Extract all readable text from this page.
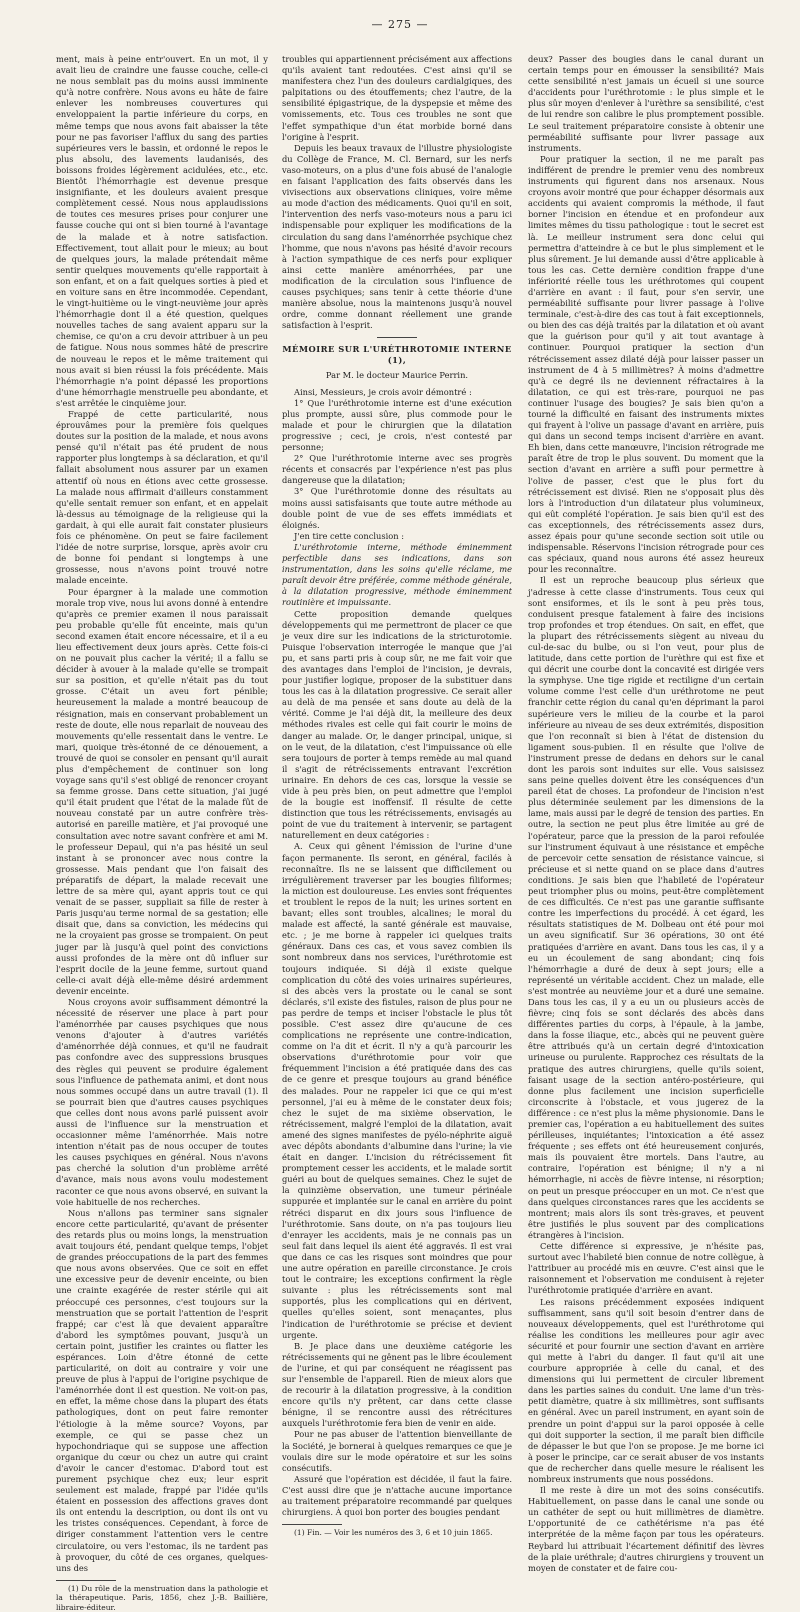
— 275 —

ment, mais à peine entr'ouvert. En un mot, il y avait lieu de craindre une fausse couche, celle-ci ne nous semblait pas du moins aussi imminente qu'à notre confrère. Nous avons eu hâte de faire enlever les nombreuses couvertures qui enveloppaient la partie inférieure du corps, en même temps que nous avons fait abaisser la tête pour ne pas favoriser l'afflux du sang des parties supérieures vers le bassin, et ordonné le repos le plus absolu, des lavements laudanisés, des boissons froides légèrement acidulées, etc., etc. Bientôt l'hémorrhagie est devenue presque insignifiante, et les douleurs avaient presque complètement cessé. Nous nous applaudissions de toutes ces mesures prises pour conjurer une fausse couche qui ont si bien tourné à l'avantage de la malade et à notre satisfaction. Effectivement, tout allait pour le mieux; au bout de quelques jours, la malade prétendait même sentir quelques mouvements qu'elle rapportait à son enfant, et on a fait quelques sorties à pied et en voiture sans en être incommodée. Cependant, le vingt-huitième ou le vingt-neuvième jour après l'hémorrhagie dont il a été question, quelques nouvelles taches de sang avaient apparu sur la chemise, ce qu'on a cru devoir attribuer à un peu de fatigue. Nous nous sommes hâté de prescrire de nouveau le repos et le même traitement qui nous avait si bien réussi la fois précédente. Mais l'hémorrhagie n'a point dépassé les proportions d'une hémorrhagie menstruelle peu abondante, et s'est arrêtée le cinquième jour.

Frappé de cette particularité, nous éprouvâmes pour la première fois quelques doutes sur la position de la malade, et nous avons pensé qu'il n'était pas été prudent de nous rapporter plus longtemps à sa déclaration, et qu'il fallait absolument nous assurer par un examen attentif où nous en étions avec cette grossesse. La malade nous affirmait d'ailleurs constamment qu'elle sentait remuer son enfant, et en appelait là-dessus au témoignage de la religieuse qui la gardait, à qui elle aurait fait constater plusieurs fois ce phénomène. On peut se faire facilement l'idée de notre surprise, lorsque, après avoir cru de bonne foi pendant si longtemps à une grossesse, nous n'avons point trouvé notre malade enceinte.

Pour épargner à la malade une commotion morale trop vive, nous lui avons donné à entendre qu'après ce premier examen il nous paraissait peu probable qu'elle fût enceinte, mais qu'un second examen était encore nécessaire, et il a eu lieu effectivement deux jours après. Cette fois-ci on ne pouvait plus cacher la vérité; il a fallu se décider à avouer à la malade qu'elle se trompait sur sa position, et qu'elle n'était pas du tout grosse. C'était un aveu fort pénible; heureusement la malade a montré beaucoup de résignation, mais en conservant probablement un reste de doute, elle nous reparlait de nouveau des mouvements qu'elle ressentait dans le ventre. Le mari, quoique très-étonné de ce dénouement, a trouvé de quoi se consoler en pensant qu'il aurait plus d'empêchement de continuer son long voyage sans qu'il s'est obligé de renoncer croyant sa femme grosse. Dans cette situation, j'ai jugé qu'il était prudent que l'état de la malade fût de nouveau constaté par un autre confrère très-autorisé en pareille matière, et j'ai provoqué une consultation avec notre savant confrère et ami M. le professeur Depaul, qui n'a pas hésité un seul instant à se prononcer avec nous contre la grossesse. Mais pendant que l'on faisait des préparatifs de départ, la malade recevait une lettre de sa mère qui, ayant appris tout ce qui venait de se passer, suppliait sa fille de rester à Paris jusqu'au terme normal de sa gestation; elle disait que, dans sa conviction, les médecins qui ne la croyaient pas grosse se trompaient. On peut juger par là jusqu'à quel point des convictions aussi profondes de la mère ont dû influer sur l'esprit docile de la jeune femme, surtout quand celle-ci avait déjà elle-même désiré ardemment devenir enceinte.

Nous croyons avoir suffisamment démontré la nécessité de réserver une place à part pour l'aménorrhée par causes psychiques que nous venons d'ajouter à d'autres variétés d'aménorrhée déjà connues, et qu'il ne faudrait pas confondre avec des suppressions brusques des règles qui peuvent se produire également sous l'influence de pathemata animi, et dont nous nous sommes occupé dans un autre travail (1). Il se pourrait bien que d'autres causes psychiques que celles dont nous avons parlé puissent avoir aussi de l'influence sur la menstruation et occasionner même l'aménorrhée. Mais notre intention n'était pas de nous occuper de toutes les causes psychiques en général. Nous n'avons pas cherché la solution d'un problème arrêté d'avance, mais nous avons voulu modestement raconter ce que nous avons observé, en suivant la voie habituelle de nos recherches.

Nous n'allons pas terminer sans signaler encore cette particularité, qu'avant de présenter des retards plus ou moins longs, la menstruation avait toujours été, pendant quelque temps, l'objet de grandes préoccupations de la part des femmes que nous avons observées. Que ce soit en effet une excessive peur de devenir enceinte, ou bien une crainte exagérée de rester stérile qui ait préoccupé ces personnes, c'est toujours sur la menstruation que se portait l'attention de l'esprit frappé; car c'est là que devaient apparaître d'abord les symptômes pouvant, jusqu'à un certain point, justifier les craintes ou flatter les espérances. Loin d'être étonné de cette particularité, on doit au contraire y voir une preuve de plus à l'appui de l'origine psychique de l'aménorrhée dont il est question. Ne voit-on pas, en effet, la même chose dans la plupart des états pathologiques, dont on peut faire remonter l'étiologie à la même source? Voyons, par exemple, ce qui se passe chez un hypochondriaque qui se suppose une affection organique du cœur ou chez un autre qui craint d'avoir le cancer d'estomac. D'abord tout est purement psychique chez eux; leur esprit seulement est malade, frappé par l'idée qu'ils étaient en possession des affections graves dont ils ont entendu la description, ou dont ils ont vu les tristes conséquences. Cependant, à force de diriger constamment l'attention vers le centre circulatoire, ou vers l'estomac, ils ne tardent pas à provoquer, du côté de ces organes, quelques-uns des

(1) Du rôle de la menstruation dans la pathologie et la thérapeutique. Paris, 1856, chez J.-B. Baillière, libraire-éditeur.

troubles qui appartiennent précisément aux affections qu'ils avaient tant redoutées. C'est ainsi qu'il se manifestera chez l'un des douleurs cardialgiques, des palpitations ou des étouffements; chez l'autre, de la sensibilité épigastrique, de la dyspepsie et même des vomissements, etc. Tous ces troubles ne sont que l'effet sympathique d'un état morbide borné dans l'origine à l'esprit.

Depuis les beaux travaux de l'illustre physiologiste du Collège de France, M. Cl. Bernard, sur les nerfs vaso-moteurs, on a plus d'une fois abusé de l'analogie en faisant l'application des faits observés dans les vivisections aux observations cliniques, voire même au mode d'action des médicaments. Quoi qu'il en soit, l'intervention des nerfs vaso-moteurs nous a paru ici indispensable pour expliquer les modifications de la circulation du sang dans l'aménorrhée psychique chez l'homme, que nous n'avons pas hésité d'avoir recours à l'action sympathique de ces nerfs pour expliquer ainsi cette manière aménorrhées, par une modification de la circulation sous l'influence de causes psychiques; sans tenir à cette théorie d'une manière absolue, nous la maintenons jusqu'à nouvel ordre, comme donnant réellement une grande satisfaction à l'esprit.

MÉMOIRE SUR L'URÉTHROTOMIE INTERNE (1),
Par M. le docteur Maurice Perrin.

Ainsi, Messieurs, je crois avoir démontré :

1° Que l'uréthrotomie interne est d'une exécution plus prompte, aussi sûre, plus commode pour le malade et pour le chirurgien que la dilatation progressive ; ceci, je crois, n'est contesté par personne;

2° Que l'uréthrotomie interne avec ses progrès récents et consacrés par l'expérience n'est pas plus dangereuse que la dilatation;

3° Que l'uréthrotomie donne des résultats au moins aussi satisfaisants que toute autre méthode au double point de vue de ses effets immédiats et éloignés.

J'en tire cette conclusion :

L'uréthrotomie interne, méthode éminemment perfectible dans ses indications, dans son instrumentation, dans les soins qu'elle réclame, me paraît devoir être préférée, comme méthode générale, à la dilatation progressive, méthode éminemment routinière et impuissante.

Cette proposition demande quelques développements qui me permettront de placer ce que je veux dire sur les indications de la stricturotomie. Puisque l'observation interrogée le manque que j'ai pu, et sans parti pris à coup sûr, ne me fait voir que des avantages dans l'emploi de l'incision, je devrais, pour justifier logique, proposer de la substituer dans tous les cas à la dilatation progressive. Ce serait aller au delà de ma pensée et sans doute au delà de la vérité. Comme je l'ai déjà dit, la meilleure des deux méthodes rivales est celle qui fait courir le moins de danger au malade. Or, le danger principal, unique, si on le veut, de la dilatation, c'est l'impuissance où elle sera toujours de porter à temps remède au mal quand il s'agit de rétrécissements entravant l'excrétion urinaire. En dehors de ces cas, lorsque la vessie se vide à peu près bien, on peut admettre que l'emploi de la bougie est inoffensif. Il résulte de cette distinction que tous les rétrécissements, envisagés au point de vue du traitement à intervenir, se partagent naturellement en deux catégories :

A. Ceux qui gênent l'émission de l'urine d'une façon permanente. Ils seront, en général, facilés à reconnaître. Ils ne se laissent que difficilement ou irrégulièrement traverser par les bougies filiformes; la miction est douloureuse. Les envies sont fréquentes et troublent le repos de la nuit; les urines sortent en bavant; elles sont troubles, alcalines; le moral du malade est affecté, la santé générale est mauvaise, etc. ; je me borne à rappeler ici quelques traits généraux. Dans ces cas, et vous savez combien ils sont nombreux dans nos services, l'uréthrotomie est toujours indiquée. Si déjà il existe quelque complication du côté des voies urinaires supérieures, si des abcès vers la prostate ou le canal se sont déclarés, s'il existe des fistules, raison de plus pour ne pas perdre de temps et inciser l'obstacle le plus tôt possible. C'est assez dire qu'aucune de ces complications ne représente une contre-indication, comme on l'a dit et écrit. Il n'y a qu'à parcourir les observations d'uréthrotomie pour voir que fréquemment l'incision a été pratiquée dans des cas de ce genre et presque toujours au grand bénéfice des malades. Pour ne rappeler ici que ce qui m'est personnel, j'ai eu à même de le constater deux fois; chez le sujet de ma sixième observation, le rétrécissement, malgré l'emploi de la dilatation, avait amené des signes manifestes de pyélo-néphrite aiguë avec dépôts abondants d'albumine dans l'urine; la vie était en danger. L'incision du rétrécissement fit promptement cesser les accidents, et le malade sortit guéri au bout de quelques semaines. Chez le sujet de la quinzième observation, une tumeur périnéale suppurée et implantée sur le canal en arrière du point rétréci disparut en dix jours sous l'influence de l'uréthrotomie. Sans doute, on n'a pas toujours lieu d'enrayer les accidents, mais je ne connais pas un seul fait dans lequel ils aient été aggravés. Il est vrai que dans ce cas les risques sont moindres que pour une autre opération en pareille circonstance. Je crois tout le contraire; les exceptions confirment la règle suivante : plus les rétrécissements sont mal supportés, plus les complications qui en dérivent, quelles qu'elles soient, sont menaçantes, plus l'indication de l'uréthrotomie se précise et devient urgente.

B. Je place dans une deuxième catégorie les rétrécissements qui ne gênent pas le libre écoulement de l'urine, et qui par conséquent ne réagissent pas sur l'ensemble de l'appareil. Rien de mieux alors que de recourir à la dilatation progressive, à la condition encore qu'ils n'y prêtent, car dans cette classe bénigne, il se rencontre aussi des rétrécitures auxquels l'uréthrotomie fera bien de venir en aide.

Pour ne pas abuser de l'attention bienveillante de la Société, je bornerai à quelques remarques ce que je voulais dire sur le mode opératoire et sur les soins consécutifs.

Assuré que l'opération est décidée, il faut la faire. C'est aussi dire que je n'attache aucune importance au traitement préparatoire recommandé par quelques chirurgiens. À quoi bon porter des bougies pendant

(1) Fin. — Voir les numéros des 3, 6 et 10 juin 1865.

deux? Passer des bougies dans le canal durant un certain temps pour en émousser la sensibilité? Mais cette sensibilité n'est jamais un écueil si une source d'accidents pour l'uréthrotomie : le plus simple et le plus sûr moyen d'enlever à l'urèthre sa sensibilité, c'est de lui rendre son calibre le plus promptement possible. Le seul traitement préparatoire consiste à obtenir une perméabilité suffisante pour livrer passage aux instruments.

Pour pratiquer la section, il ne me paraît pas indifférent de prendre le premier venu des nombreux instruments qui figurent dans nos arsenaux. Nous croyons avoir montré que pour échapper désormais aux accidents qui avaient compromis la méthode, il faut borner l'incision en étendue et en profondeur aux limites mêmes du tissu pathologique : tout le secret est là. Le meilleur instrument sera donc celui qui permettra d'atteindre à ce but le plus simplement et le plus sûrement. Je lui demande aussi d'être applicable à tous les cas. Cette dernière condition frappe d'une infériorité réelle tous les uréthrotomes qui coupent d'arrière en avant : il faut, pour s'en servir, une perméabilité suffisante pour livrer passage à l'olive terminale, c'est-à-dire des cas tout à fait exceptionnels, ou bien des cas déjà traités par la dilatation et où avant que la guérison pour qu'il y ait tout avantage à continuer. Pourquoi pratiquer la section d'un rétrécissement assez dilaté déjà pour laisser passer un instrument de 4 à 5 millimètres? À moins d'admettre qu'à ce degré ils ne deviennent réfractaires à la dilatation, ce qui est très-rare, pourquoi ne pas continuer l'usage des bougies? Je sais bien qu'on a tourné la difficulté en faisant des instruments mixtes qui frayent à l'olive un passage d'avant en arrière, puis qui dans un second temps incisent d'arrière en avant. Eh bien, dans cette manœuvre, l'incision rétrograde me paraît être de trop le plus souvent. Du moment que la section d'avant en arrière a suffi pour permettre à l'olive de passer, c'est que le plus fort du rétrécissement est divisé. Rien ne s'opposait plus dès lors à l'introduction d'un dilatateur plus volumineux, qui eût complété l'opération. Je sais bien qu'il est des cas exceptionnels, des rétrécissements assez durs, assez épais pour qu'une seconde section soit utile ou indispensable. Réservons l'incision rétrograde pour ces cas spéciaux, quand nous aurons été assez heureux pour les reconnaître.

Il est un reproche beaucoup plus sérieux que j'adresse à cette classe d'instruments. Tous ceux qui sont ensiformes, et ils le sont à peu près tous, conduisent presque fatalement à faire des incisions trop profondes et trop étendues. On sait, en effet, que la plupart des rétrécissements siègent au niveau du cul-de-sac du bulbe, ou si l'on veut, pour plus de latitude, dans cette portion de l'urèthre qui est fixe et qui décrit une courbe dont la concavité est dirigée vers la symphyse. Une tige rigide et rectiligne d'un certain volume comme l'est celle d'un uréthrotome ne peut franchir cette région du canal qu'en déprimant la paroi supérieure vers le milieu de la courbe et la paroi inférieure au niveau de ses deux extrémités, disposition que l'on reconnaît si bien à l'état de distension du ligament sous-pubien. Il en résulte que l'olive de l'instrument presse de dedans en dehors sur le canal dont les parois sont induites sur elle. Vous saisissez sans peine quelles doivent être les conséquences d'un pareil état de choses. La profondeur de l'incision n'est plus déterminée seulement par les dimensions de la lame, mais aussi par le degré de tension des parties. En outre, la section ne peut plus être limitée au gré de l'opérateur, parce que la pression de la paroi refoulée sur l'instrument équivaut à une résistance et empêche de percevoir cette sensation de résistance vaincue, si précieuse et si nette quand on se place dans d'autres conditions. Je sais bien que l'habileté de l'opérateur peut triompher plus ou moins, peut-être complètement de ces difficultés. Ce n'est pas une garantie suffisante contre les imperfections du procédé. À cet égard, les résultats statistiques de M. Dolbeau ont été pour moi un aveu significatif. Sur 36 opérations, 30 ont été pratiquées d'arrière en avant. Dans tous les cas, il y a eu un écoulement de sang abondant; cinq fois l'hémorrhagie a duré de deux à sept jours; elle a représenté un véritable accident. Chez un malade, elle s'est montrée au neuvième jour et a duré une semaine. Dans tous les cas, il y a eu un ou plusieurs accès de fièvre; cinq fois se sont déclarés des abcès dans différentes parties du corps, à l'épaule, à la jambe, dans la fosse iliaque, etc., abcès qui ne peuvent guère être attribués qu'à un certain degré d'intoxication urineuse ou purulente. Rapprochez ces résultats de la pratique des autres chirurgiens, quelle qu'ils soient, faisant usage de la section antéro-postérieure, qui donne plus facilement une incision superficielle circonscrite à l'obstacle, et vous jugerez de la différence : ce n'est plus la même physionomie. Dans le premier cas, l'opération a eu habituellement des suites périlleuses, inquiétantes; l'intoxication a été assez fréquente ; ses effets ont été heureusement conjurés, mais ils pouvaient être mortels. Dans l'autre, au contraire, l'opération est bénigne; il n'y a ni hémorrhagie, ni accès de fièvre intense, ni résorption; on peut un presque préoccuper en un mot. Ce n'est que dans quelques circonstances rares que les accidents se montrent; mais alors ils sont très-graves, et peuvent être justifiés le plus souvent par des complications étrangères à l'incision.

Cette différence si expressive, je n'hésite pas, surtout avec l'habileté bien connue de notre collègue, à l'attribuer au procédé mis en œuvre. C'est ainsi que le raisonnement et l'observation me conduisent à rejeter l'uréthrotomie pratiquée d'arrière en avant.

Les raisons précédemment exposées indiquent suffisamment, sans qu'il soit besoin d'entrer dans de nouveaux développements, quel est l'uréthrotome qui réalise les conditions les meilleures pour agir avec sécurité et pour fournir une section d'avant en arrière qui mette à l'abri du danger. Il faut qu'il ait une courbure appropriée à celle du canal, et des dimensions qui lui permettent de circuler librement dans les parties saines du conduit. Une lame d'un très-petit diamètre, quatre à six millimètres, sont suffisants en général. Avec un pareil instrument, en ayant soin de prendre un point d'appui sur la paroi opposée à celle qui doit supporter la section, il me paraît bien difficile de dépasser le but que l'on se propose. Je me borne ici à poser le principe, car ce serait abuser de vos instants que de rechercher dans quelle mesure le réalisent les nombreux instruments que nous possédons.

Il me reste à dire un mot des soins consécutifs. Habituellement, on passe dans le canal une sonde ou un cathéter de sept ou huit millimètres de diamètre. L'opportunité de ce cathétérisme n'a pas été interprétée de la même façon par tous les opérateurs. Reybard lui attribuait l'écartement définitif des lèvres de la plaie uréthrale; d'autres chirurgiens y trouvent un moyen de constater et de faire cou-
